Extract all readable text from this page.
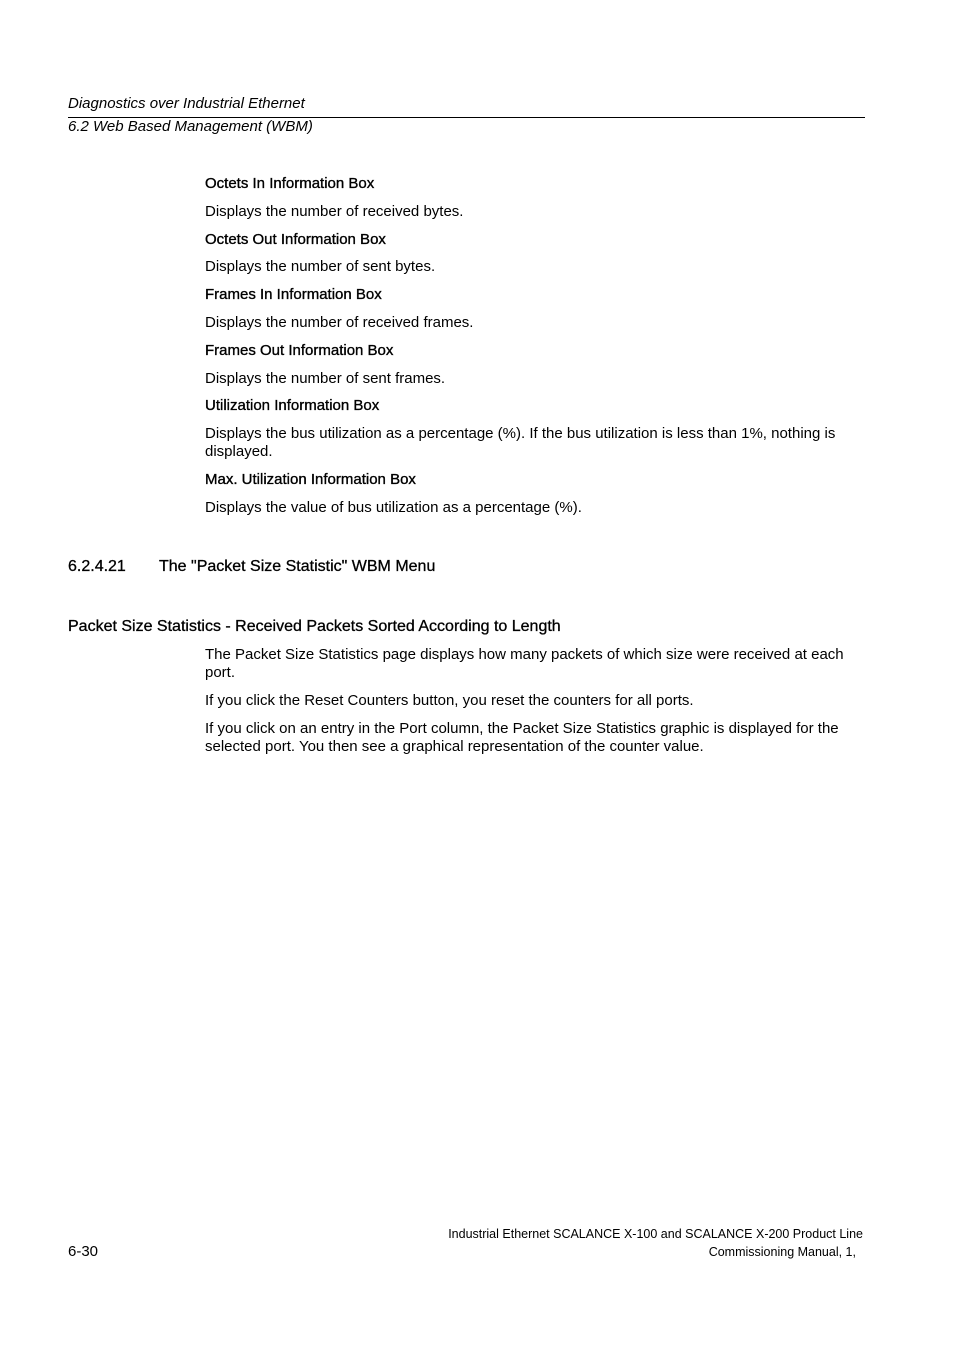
Diagnostics over Industrial Ethernet
6.2 Web Based Management (WBM)
Octets In Information Box
Displays the number of received bytes.
Octets Out Information Box
Displays the number of sent bytes.
Frames In Information Box
Displays the number of received frames.
Frames Out Information Box
Displays the number of sent frames.
Utilization Information Box
Displays the bus utilization as a percentage (%). If the bus utilization is less than 1%, nothing is displayed.
Max. Utilization Information Box
Displays the value of bus utilization as a percentage (%).
6.2.4.21 The "Packet Size Statistic" WBM Menu
Packet Size Statistics - Received Packets Sorted According to Length
The Packet Size Statistics page displays how many packets of which size were received at each port.
If you click the Reset Counters button, you reset the counters for all ports.
If you click on an entry in the Port column, the Packet Size Statistics graphic is displayed for the selected port. You then see a graphical representation of the counter value.
6-30
Industrial Ethernet SCALANCE X-100 and SCALANCE X-200 Product Line
Commissioning Manual, 1,
